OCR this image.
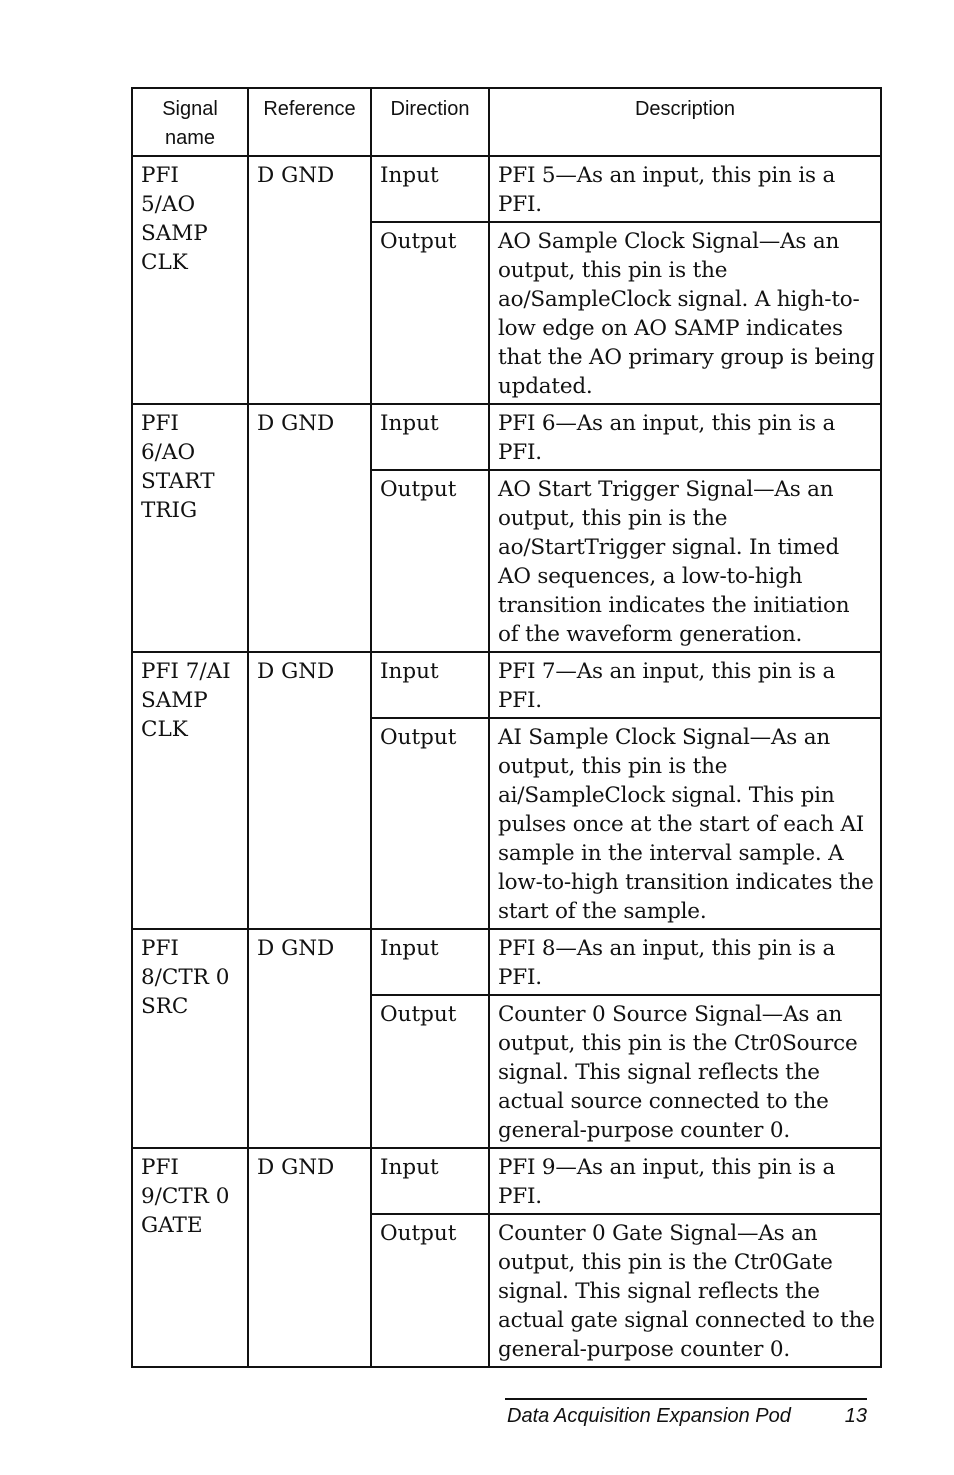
Signal name	Reference	Direction	Description
PFI 5/AO SAMP CLK	D GND	Input	PFI 5—As an input, this pin is a PFI.
		Output	AO Sample Clock Signal—As an output, this pin is the ao/SampleClock signal. A high-to-low edge on AO SAMP indicates that the AO primary group is being updated.
PFI 6/AO START TRIG	D GND	Input	PFI 6—As an input, this pin is a PFI.
		Output	AO Start Trigger Signal—As an output, this pin is the ao/StartTrigger signal. In timed AO sequences, a low-to-high transition indicates the initiation of the waveform generation.
PFI 7/AI SAMP CLK	D GND	Input	PFI 7—As an input, this pin is a PFI.
		Output	AI Sample Clock Signal—As an output, this pin is the ai/SampleClock signal. This pin pulses once at the start of each AI sample in the interval sample. A low-to-high transition indicates the start of the sample.
PFI 8/CTR 0 SRC	D GND	Input	PFI 8—As an input, this pin is a PFI.
		Output	Counter 0 Source Signal—As an output, this pin is the Ctr0Source signal. This signal reflects the actual source connected to the general-purpose counter 0.
PFI 9/CTR 0 GATE	D GND	Input	PFI 9—As an input, this pin is a PFI.
		Output	Counter 0 Gate Signal—As an output, this pin is the Ctr0Gate signal. This signal reflects the actual gate signal connected to the general-purpose counter 0.
Data Acquisition Expansion Pod	13
